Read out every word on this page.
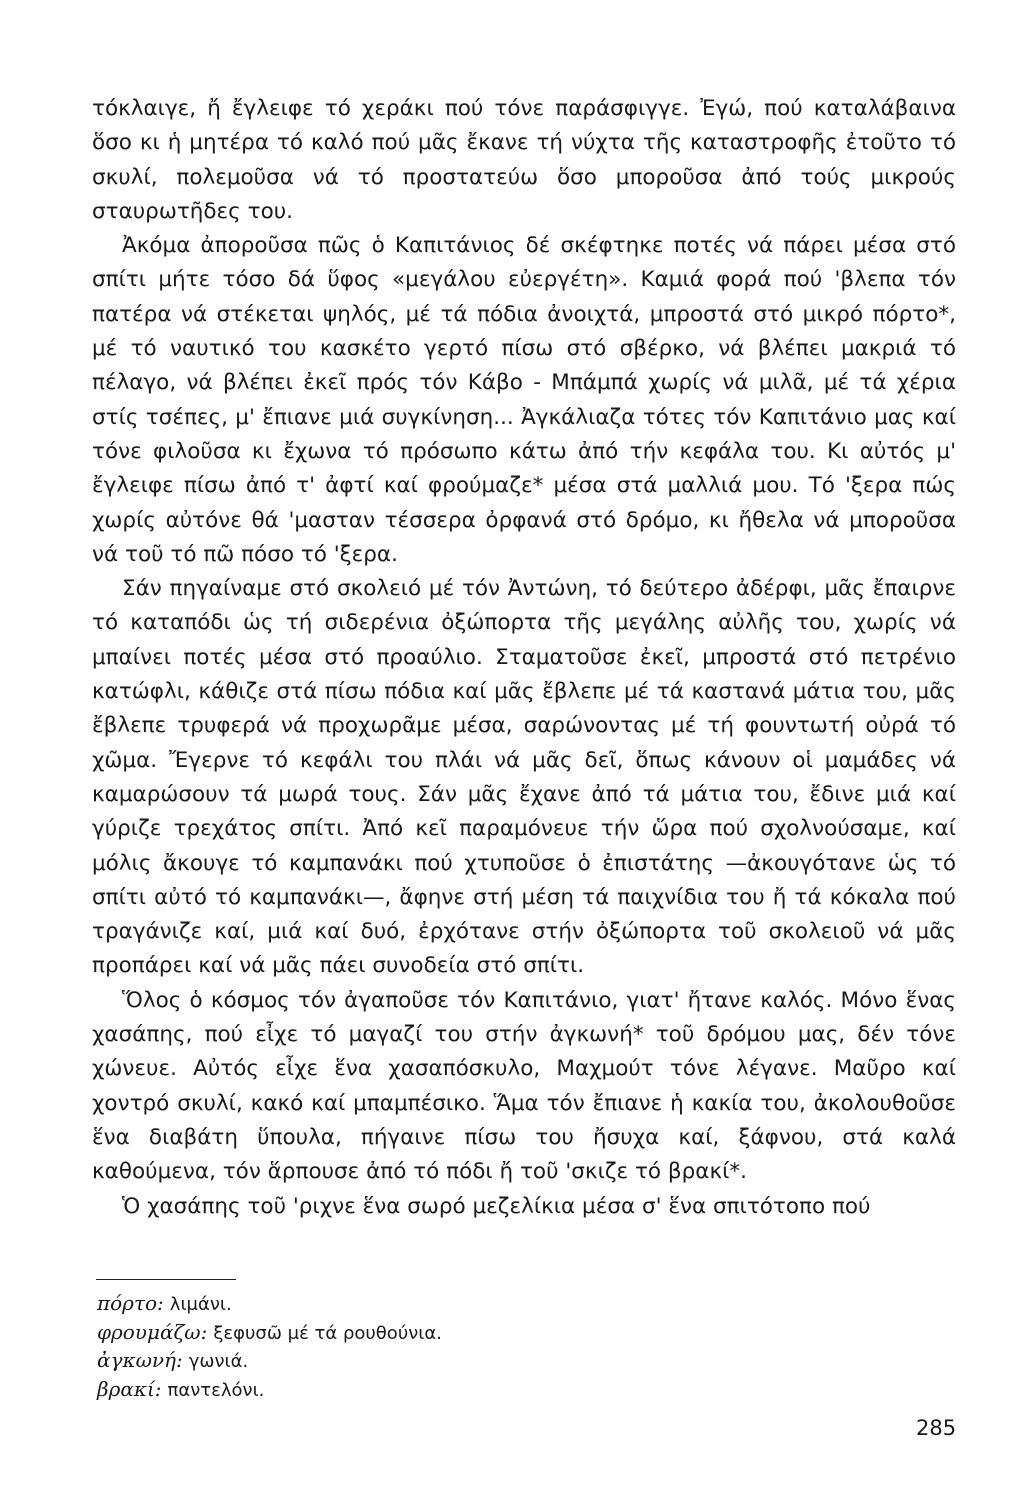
τόκλαιγε, ἤ ἔγλειφε τό χεράκι πού τόνε παράσφιγγε. Ἐγώ, πού καταλάβαινα ὅσο κι ἡ μητέρα τό καλό πού μᾶς ἔκανε τή νύχτα τῆς καταστροφῆς ἐτοῦτο τό σκυλί, πολεμοῦσα νά τό προστατεύω ὅσο μποροῦσα ἀπό τούς μικρούς σταυρωτῆδες του.

Ἀκόμα ἀποροῦσα πῶς ὁ Καπιτάνιος δέ σκέφτηκε ποτές νά πάρει μέσα στό σπίτι μήτε τόσο δά ὕφος «μεγάλου εὐεργέτη». Καμιά φορά πού 'βλεπα τόν πατέρα νά στέκεται ψηλός, μέ τά πόδια ἀνοιχτά, μπροστά στό μικρό πόρτο*, μέ τό ναυτικό του κασκέτο γερτό πίσω στό σβέρκο, νά βλέπει μακριά τό πέλαγο, νά βλέπει ἐκεῖ πρός τόν Κάβο - Μπάμπά χωρίς νά μιλᾶ, μέ τά χέρια στίς τσέπες, μ' ἔπιανε μιά συγκίνηση... Ἀγκάλιαζα τότες τόν Καπιτάνιο μας καί τόνε φιλοῦσα κι ἔχωνα τό πρόσωπο κάτω ἀπό τήν κεφάλα του. Κι αὐτός μ' ἔγλειφε πίσω ἀπό τ' ἀφτί καί φρούμαζε* μέσα στά μαλλιά μου. Τό 'ξερα πώς χωρίς αὐτόνε θά 'μασταν τέσσερα ὀρφανά στό δρόμο, κι ἤθελα νά μποροῦσα νά τοῦ τό πῶ πόσο τό 'ξερα.

Σάν πηγαίναμε στό σκολειό μέ τόν Ἀντώνη, τό δεύτερο ἀδέρφι, μᾶς ἔπαιρνε τό καταπόδι ὡς τή σιδερένια ὀξώπορτα τῆς μεγάλης αὐλῆς του, χωρίς νά μπαίνει ποτές μέσα στό προαύλιο. Σταματοῦσε ἐκεῖ, μπροστά στό πετρένιο κατώφλι, κάθιζε στά πίσω πόδια καί μᾶς ἔβλεπε μέ τά καστανά μάτια του, μᾶς ἔβλεπε τρυφερά νά προχωρᾶμε μέσα, σαρώνοντας μέ τή φουντωτή οὐρά τό χῶμα. Ἔγερνε τό κεφάλι του πλάι νά μᾶς δεῖ, ὅπως κάνουν οἱ μαμάδες νά καμαρώσουν τά μωρά τους. Σάν μᾶς ἔχανε ἀπό τά μάτια του, ἔδινε μιά καί γύριζε τρεχάτος σπίτι. Ἀπό κεῖ παραμόνευε τήν ὥρα πού σχολνούσαμε, καί μόλις ἄκουγε τό καμπανάκι πού χτυποῦσε ὁ ἐπιστάτης —ἀκουγότανε ὡς τό σπίτι αὐτό τό καμπανάκι—, ἄφηνε στή μέση τά παιχνίδια του ἤ τά κόκαλα πού τραγάνιζε καί, μιά καί δυό, ἐρχότανε στήν ὀξώπορτα τοῦ σκολειοῦ νά μᾶς προπάρει καί νά μᾶς πάει συνοδεία στό σπίτι.

Ὅλος ὁ κόσμος τόν ἀγαποῦσε τόν Καπιτάνιο, γιατ' ἤτανε καλός. Μόνο ἕνας χασάπης, πού εἶχε τό μαγαζί του στήν ἀγκωνή* τοῦ δρόμου μας, δέν τόνε χώνευε. Αὐτός εἶχε ἕνα χασαπόσκυλο, Μαχμούτ τόνε λέγανε. Μαῦρο καί χοντρό σκυλί, κακό καί μπαμπέσικο. Ἅμα τόν ἔπιανε ἡ κακία του, ἀκολουθοῦσε ἕνα διαβάτη ὕπουλα, πήγαινε πίσω του ἤσυχα καί, ξάφνου, στά καλά καθούμενα, τόν ἅρπουσε ἀπό τό πόδι ἤ τοῦ 'σκιζε τό βρακί*.

Ὁ χασάπης τοῦ 'ριχνε ἕνα σωρό μεζελίκια μέσα σ' ἕνα σπιτότοπο πού

πόρτο: λιμάνι.
φρουμάζω: ξεφυσῶ μέ τά ρουθούνια.
ἀγκωνή: γωνιά.
βρακί: παντελόνι.
285
